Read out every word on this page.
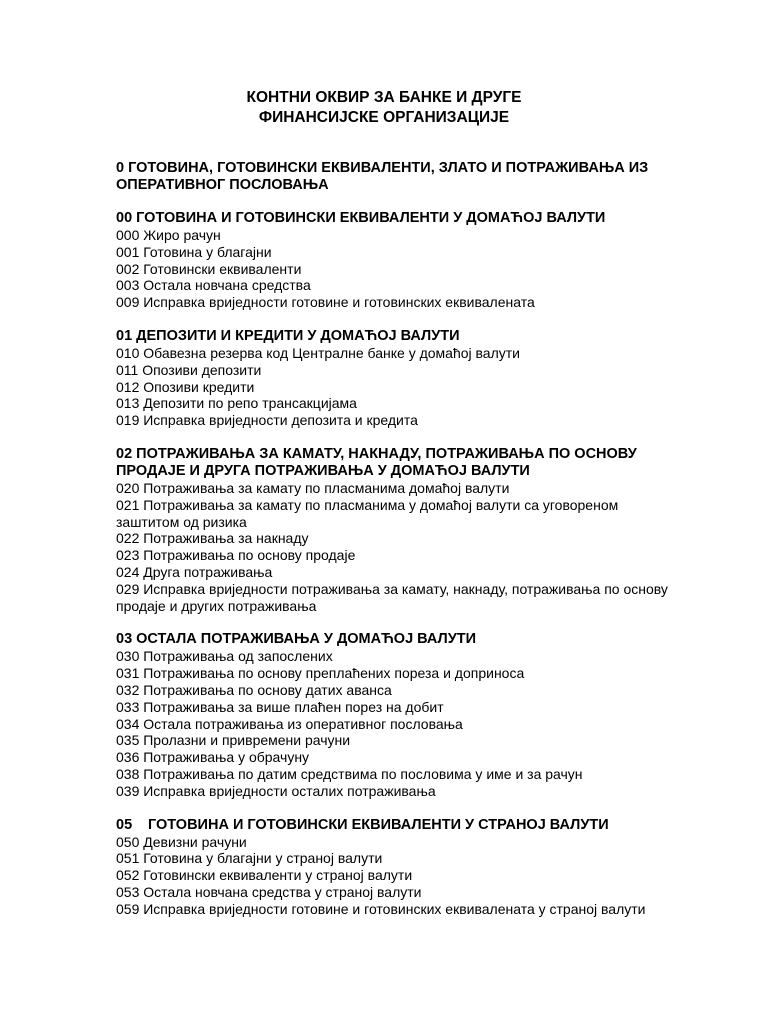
КОНТНИ ОКВИР ЗА БАНКЕ И ДРУГЕ
ФИНАНСИЈСКЕ ОРГАНИЗАЦИЈЕ
0 ГОТОВИНА, ГОТОВИНСКИ ЕКВИВАЛЕНТИ, ЗЛАТО И ПОТРАЖИВАЊА ИЗ ОПЕРАТИВНОГ ПОСЛОВАЊА
00 ГОТОВИНА И ГОТОВИНСКИ ЕКВИВАЛЕНТИ У ДОМАЋОЈ ВАЛУТИ
000 Жиро рачун
001 Готовина у благајни
002 Готовински еквиваленти
003 Остала новчана средства
009 Исправка вриједности готовине и готовинских еквивалената
01 ДЕПОЗИТИ И КРЕДИТИ У ДОМАЋОЈ ВАЛУТИ
010 Обавезна резерва код Централне банке у домаћој валути
011 Опозиви депозити
012 Опозиви кредити
013 Депозити по репо трансакцијама
019 Исправка вриједности депозита и кредита
02 ПОТРАЖИВАЊА ЗА КАМАТУ, НАКНАДУ, ПОТРАЖИВАЊА ПО ОСНОВУ ПРОДАЈЕ И ДРУГА ПОТРАЖИВАЊА У ДОМАЋОЈ ВАЛУТИ
020 Потраживања за камату по пласманима домаћој валути
021 Потраживања за камату по пласманима у домаћој валути са уговореном заштитом од ризика
022 Потраживања за накнаду
023 Потраживања по основу продаје
024 Друга потраживања
029 Исправка вриједности потраживања за камату, накнаду, потраживања по основу продаје и других потраживања
03 ОСТАЛА ПОТРАЖИВАЊА У ДОМАЋОЈ ВАЛУТИ
030 Потраживања од запослених
031 Потраживања по основу преплаћених пореза и доприноса
032 Потраживања по основу датих аванса
033 Потраживања за више плаћен порез на добит
034 Остала потраживања из оперативног пословања
035 Пролазни и привремени рачуни
036 Потраживања у обрачуну
038 Потраживања по датим средствима по пословима у име и за рачун
039 Исправка вриједности осталих потраживања
05 ГОТОВИНА И ГОТОВИНСКИ ЕКВИВАЛЕНТИ У СТРАНОЈ ВАЛУТИ
050 Девизни рачуни
051 Готовина у благајни у страној валути
052 Готовински еквиваленти у страној валути
053 Остала новчана средства у страној валути
059 Исправка вриједности готовине и готовинских еквивалената у страној валути
